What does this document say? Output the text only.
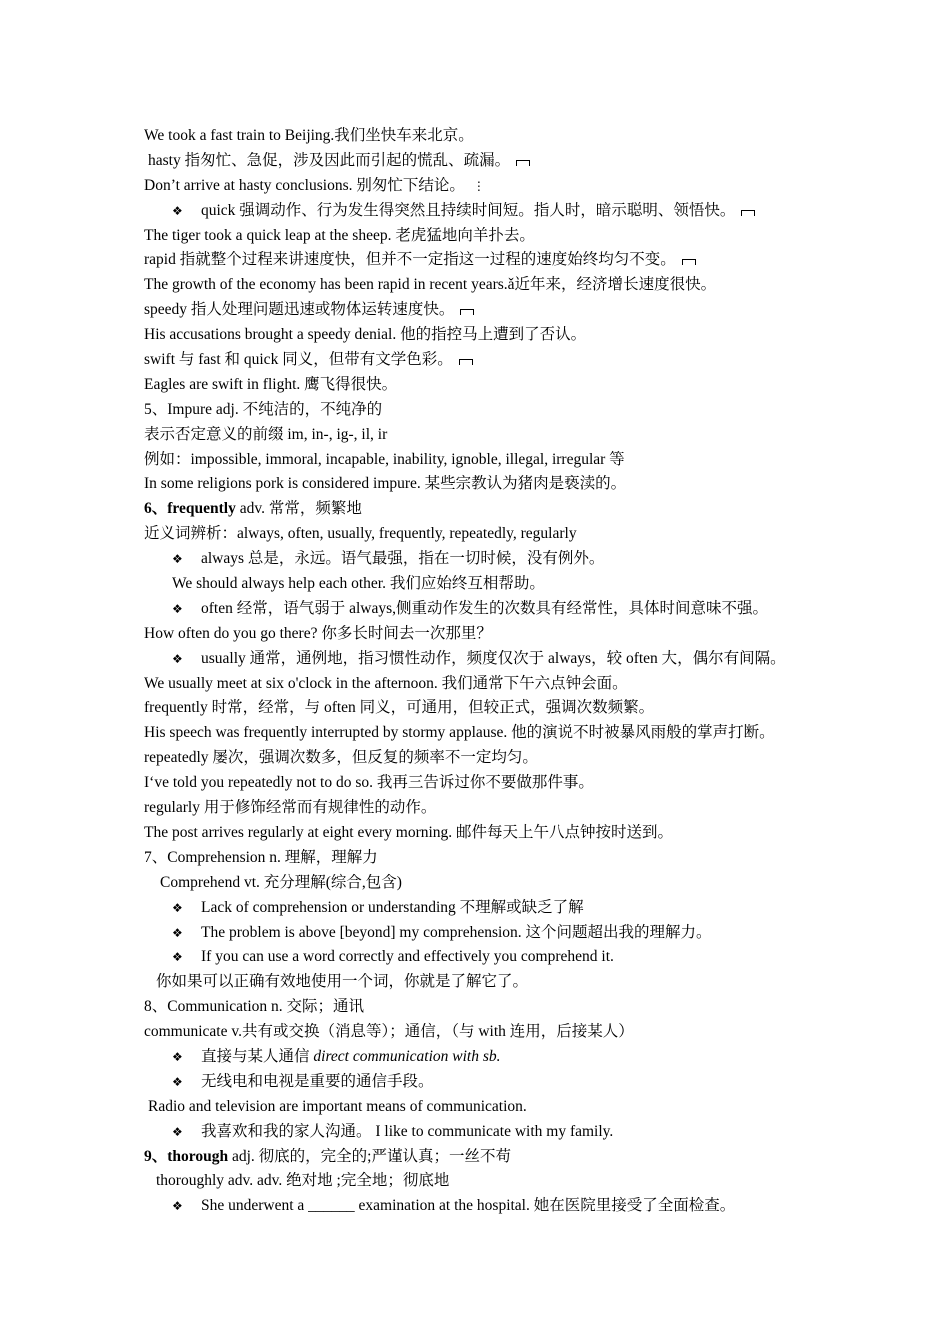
We took a fast train to Beijing.我们坐快车来北京。
hasty 指匆忙、急促，涉及因此而引起的慌乱、疏漏。
Don’t arrive at hasty conclusions. 别匆忙下结论。 ⋮
❖ quick 强调动作、行为发生得突然且持续时间短。指人时，暗示聪明、领悟快。
The tiger took a quick leap at the sheep. 老虎猛地向羊扑去。
rapid 指就整个过程来讲速度快，但并不一定指这一过程的速度始终均匀不变。
The growth of the economy has been rapid in recent years.ǎ近年来，经济增长速度很快。
speedy 指人处理问题迅速或物体运转速度快。
His accusations brought a speedy denial. 他的指控马上遭到了否认。
swift 与 fast 和 quick 同义，但带有文学色彩。
Eagles are swift in flight. 鹰飞得很快。
5、Impure adj. 不纯洁的，不纯净的
表示否定意义的前缀 im, in-, ig-, il, ir
例如：impossible, immoral, incapable, inability, ignoble, illegal, irregular 等
In some religions pork is considered impure. 某些宗教认为猪肉是亵渎的。
6、frequently adv. 常常，频繁地
近义词辨析：always, often, usually, frequently, repeatedly, regularly
❖ always 总是，永远。语气最强，指在一切时候，没有例外。
We should always help each other. 我们应始终互相帮助。
❖ often 经常，语气弱于 always,侧重动作发生的次数具有经常性，具体时间意味不强。
How often do you go there? 你多长时间去一次那里？
❖ usually 通常，通例地，指习惯性动作，频度仅次于 always，较 often 大，偶尔有间隔。
We usually meet at six o'clock in the afternoon. 我们通常下午六点钟会面。
frequently 时常，经常，与 often 同义，可通用，但较正式，强调次数频繁。
His speech was frequently interrupted by stormy applause. 他的演说不时被暴风雨般的掌声打断。
repeatedly 屡次，强调次数多，但反复的频率不一定均匀。
I‘ve told you repeatedly not to do so. 我再三告诉过你不要做那件事。
regularly 用于修饰经常而有规律性的动作。
The post arrives regularly at eight every morning. 邮件每天上午八点钟按时送到。
7、Comprehension n. 理解，理解力
Comprehend vt. 充分理解(综合,包含)
❖ Lack of comprehension or understanding 不理解或缺乏了解
❖ The problem is above [beyond] my comprehension. 这个问题超出我的理解力。
❖ If you can use a word correctly and effectively you comprehend it.
你如果可以正确有效地使用一个词，你就是了解它了。
8、Communication n. 交际；通讯
communicate v.共有或交换（消息等）；通信，（与 with 连用，后接某人）
❖ 直接与某人通信 direct communication with sb.
❖ 无线电和电视是重要的通信手段。
Radio and television are important means of communication.
❖ 我喜欢和我的家人沟通。 I like to communicate with my family.
9、thorough adj. 彻底的，完全的;严谨认真；一丝不苟
thoroughly adv. adv. 绝对地 ;完全地；彻底地
❖ She underwent a ______ examination at the hospital. 她在医院里接受了全面检查。
